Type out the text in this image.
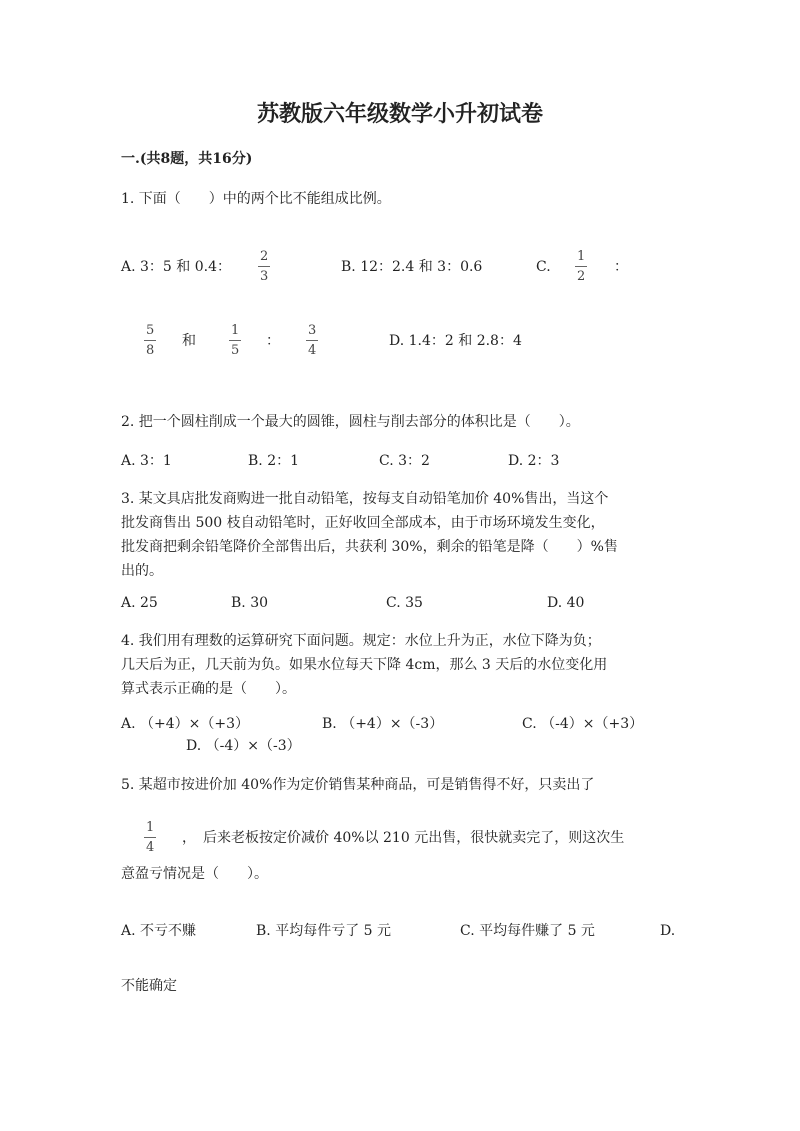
苏教版六年级数学小升初试卷
一.(共8题，共16分)
1. 下面（　　）中的两个比不能组成比例。
A. 3：5 和 0.4：
2
3
B. 12：2.4 和 3：0.6	C.
1
2
：
5
8
和
1
5
：
3
4
D. 1.4：2 和 2.8：4
2. 把一个圆柱削成一个最大的圆锥，圆柱与削去部分的体积比是（　　）。
A. 3：1	B. 2：1	C. 3：2	D. 2：3
3. 某文具店批发商购进一批自动铅笔，按每支自动铅笔加价 40%售出，当这个
批发商售出 500 枝自动铅笔时，正好收回全部成本，由于市场环境发生变化，
批发商把剩余铅笔降价全部售出后，共获利 30%，剩余的铅笔是降（　　）%售
出的。
A. 25	B. 30	C. 35	D. 40
4. 我们用有理数的运算研究下面问题。规定：水位上升为正，水位下降为负；
几天后为正，几天前为负。如果水位每天下降 4cm，那么 3 天后的水位变化用
算式表示正确的是（　　）。
A. （+4）×（+3）	B. （+4）×（-3）	C. （-4）×（+3）
D. （-4）×（-3）
5. 某超市按进价加 40%作为定价销售某种商品，可是销售得不好，只卖出了
1
4
，　后来老板按定价减价 40%以 210 元出售，很快就卖完了，则这次生
意盈亏情况是（　　）。
A. 不亏不赚	B. 平均每件亏了 5 元	C. 平均每件赚了 5 元	D.
不能确定
